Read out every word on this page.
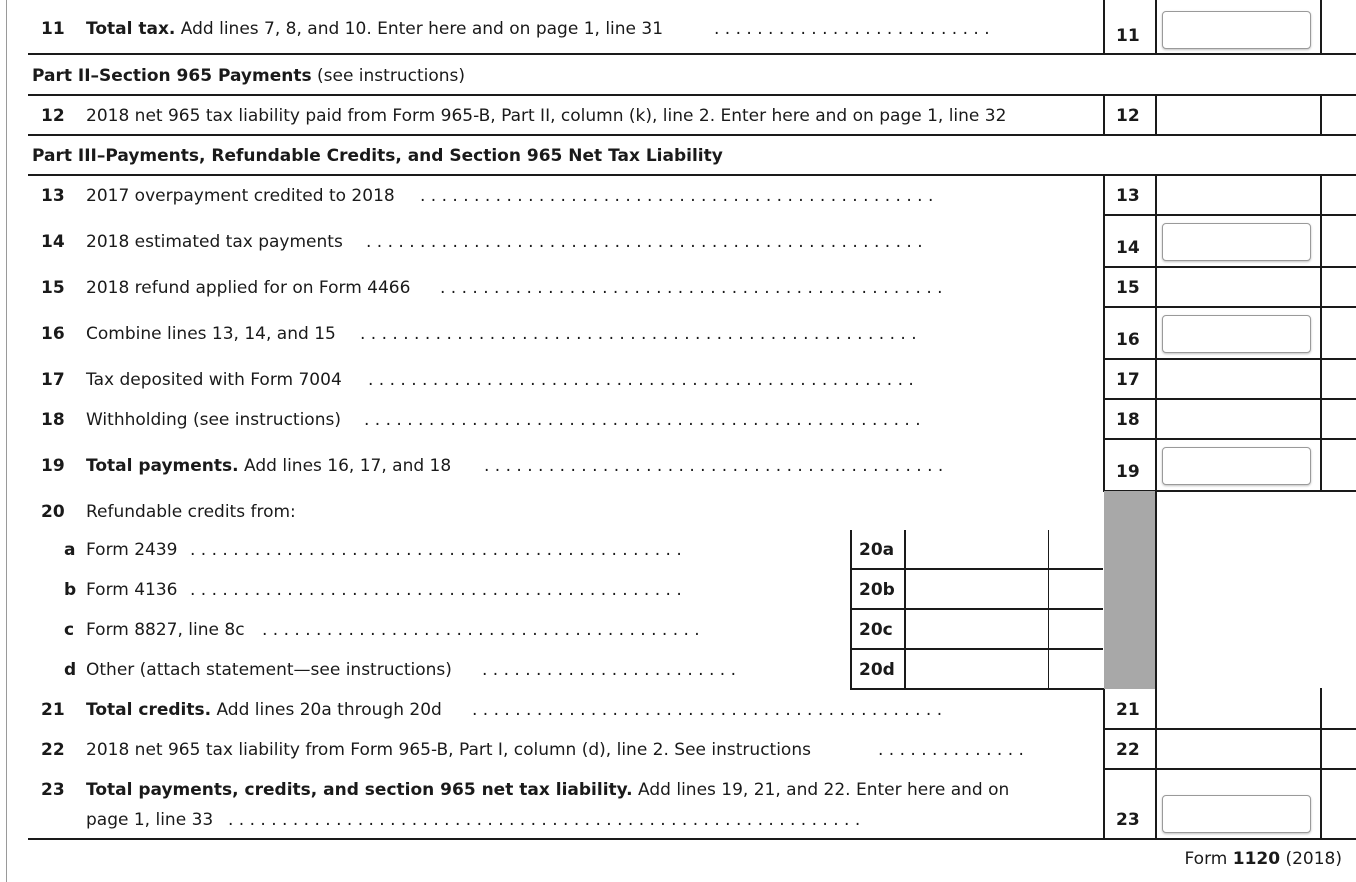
11 Total tax. Add lines 7, 8, and 10. Enter here and on page 1, line 31	. . . . . . . . . . . . . . . . . . . . . . . . . .	11
Part II–Section 965 Payments (see instructions)
12 2018 net 965 tax liability paid from Form 965-B, Part II, column (k), line 2. Enter here and on page 1, line 32	12
Part III–Payments, Refundable Credits, and Section 965 Net Tax Liability
13 2017 overpayment credited to 2018 . . . . . . . . . . . . . . . . . . . . . . . . . . . . . . . . . . . . . . . . . . . . . . . .	13
14 2018 estimated tax payments . . . . . . . . . . . . . . . . . . . . . . . . . . . . . . . . . . . . . . . . . . . . . . . . . . . .	14
15 2018 refund applied for on Form 4466 . . . . . . . . . . . . . . . . . . . . . . . . . . . . . . . . . . . . . . . . . . . . . . .	15
16 Combine lines 13, 14, and 15 . . . . . . . . . . . . . . . . . . . . . . . . . . . . . . . . . . . . . . . . . . . . . . . . . . . .	16
17 Tax deposited with Form 7004 . . . . . . . . . . . . . . . . . . . . . . . . . . . . . . . . . . . . . . . . . . . . . . . . . . .	17
18 Withholding (see instructions) . . . . . . . . . . . . . . . . . . . . . . . . . . . . . . . . . . . . . . . . . . . . . . . . . . . .	18
19 Total payments. Add lines 16, 17, and 18 . . . . . . . . . . . . . . . . . . . . . . . . . . . . . . . . . . . . . . . . . . .	19
20 Refundable credits from:
a Form 2439 . . . . . . . . . . . . . . . . . . . . . . . . . . . . . . . . . . . . . . . . . . . . . .	20a
b Form 4136 . . . . . . . . . . . . . . . . . . . . . . . . . . . . . . . . . . . . . . . . . . . . . .	20b
c Form 8827, line 8c . . . . . . . . . . . . . . . . . . . . . . . . . . . . . . . . . . . . . . . . .	20c
d Other (attach statement—see instructions) . . . . . . . . . . . . . . . . . . . . . . . .	20d
21 Total credits. Add lines 20a through 20d . . . . . . . . . . . . . . . . . . . . . . . . . . . . . . . . . . . . . . . . . . . .	21
22 2018 net 965 tax liability from Form 965-B, Part I, column (d), line 2. See instructions	. . . . . . . . . . . . . .	22
23 Total payments, credits, and section 965 net tax liability. Add lines 19, 21, and 22. Enter here and on
page 1, line 33 . . . . . . . . . . . . . . . . . . . . . . . . . . . . . . . . . . . . . . . . . . . . . . . . . . . . . . . . . . .	23
Form 1120 (2018)
